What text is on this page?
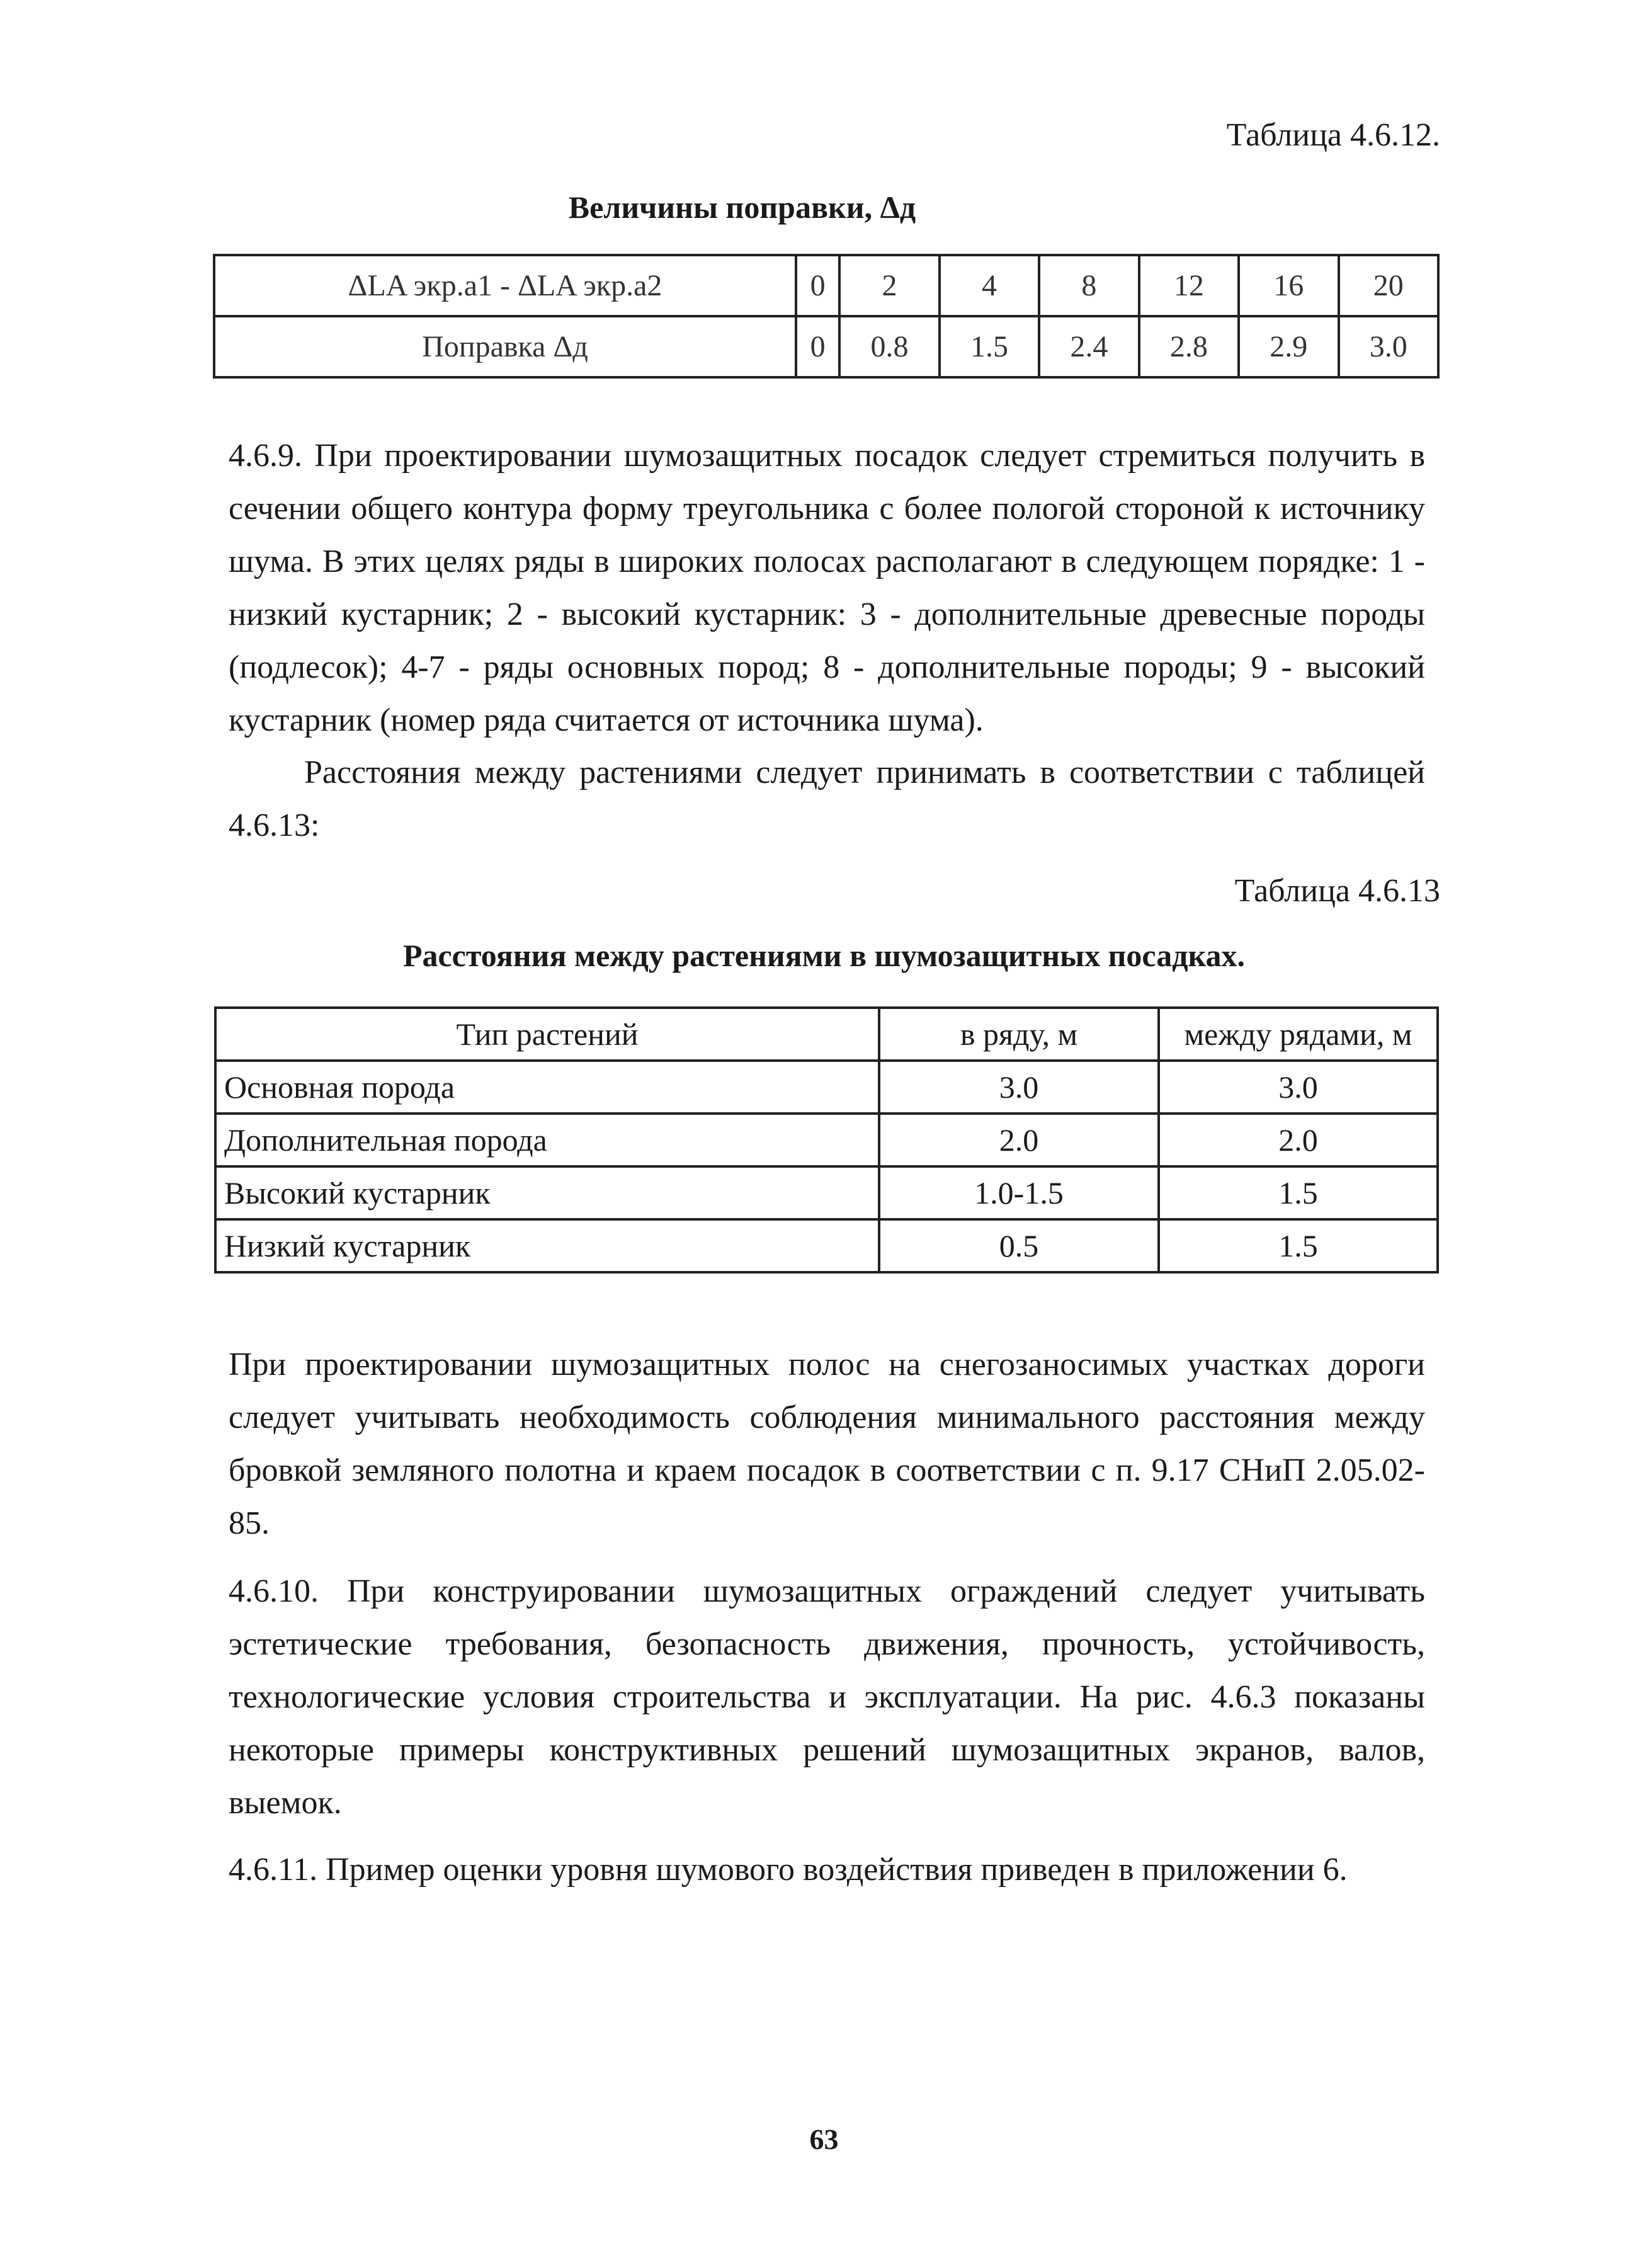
Таблица 4.6.12.
Величины поправки, Δд
ΔLA экр.а1 - ΔLA экр.а2	0	2	4	8	12	16	20
Поправка Δд	0	0.8	1.5	2.4	2.8	2.9	3.0
4.6.9. При проектировании шумозащитных посадок следует стремиться получить в сечении общего контура форму треугольника с более пологой стороной к источнику шума. В этих целях ряды в широких полосах располагают в следующем порядке: 1 - низкий кустарник; 2 - высокий кустарник: 3 - дополнительные древесные породы (подлесок); 4-7 - ряды основных пород; 8 - дополнительные породы; 9 - высокий кустарник (номер ряда считается от источника шума).
Расстояния между растениями следует принимать в соответствии с таблицей 4.6.13:
Таблица 4.6.13
Расстояния между растениями в шумозащитных посадках.
Тип растений	в ряду, м	между рядами, м
Основная порода	3.0	3.0
Дополнительная порода	2.0	2.0
Высокий кустарник	1.0-1.5	1.5
Низкий кустарник	0.5	1.5
При проектировании шумозащитных полос на снегозаносимых участках дороги следует учитывать необходимость соблюдения минимального расстояния между бровкой земляного полотна и краем посадок в соответствии с п. 9.17 СНиП 2.05.02-85.
4.6.10. При конструировании шумозащитных ограждений следует учитывать эстетические требования, безопасность движения, прочность, устойчивость, технологические условия строительства и эксплуатации. На рис. 4.6.3 показаны некоторые примеры конструктивных решений шумозащитных экранов, валов, выемок.
4.6.11. Пример оценки уровня шумового воздействия приведен в приложении 6.
63
